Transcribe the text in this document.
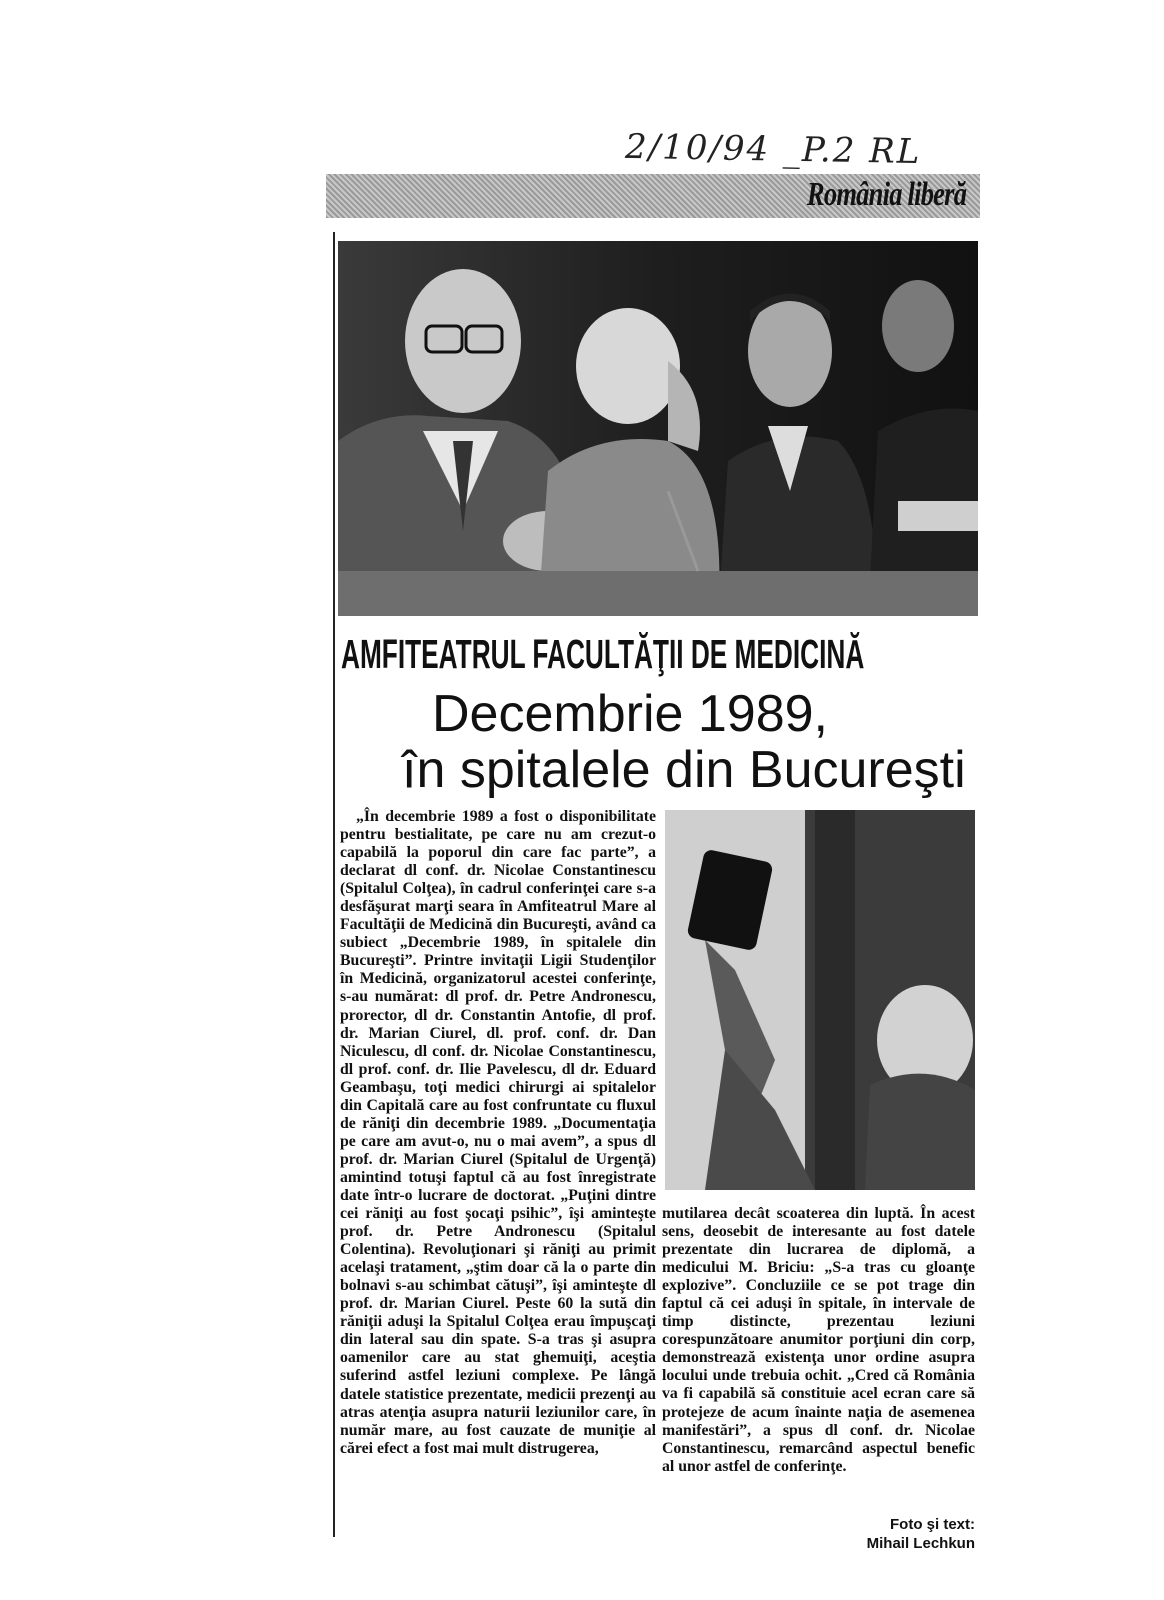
2/10/94 _P.2 RL
România liberă
AMFITEATRUL FACULTĂŢII DE MEDICINĂ
Decembrie 1989,
în spitalele din Bucureşti
„În decembrie 1989 a fost o disponibilitate pentru bestialitate, pe care nu am crezut-o capabilă la poporul din care fac parte”, a declarat dl conf. dr. Nicolae Constantinescu (Spitalul Colţea), în cadrul conferinţei care s-a desfăşurat marţi seara în Amfiteatrul Mare al Facultăţii de Medicină din Bucureşti, având ca subiect „Decembrie 1989, în spitalele din Bucureşti”. Printre invitaţii Ligii Studenţilor în Medicină, organizatorul acestei conferinţe, s-au numărat: dl prof. dr. Petre Andronescu, prorector, dl dr. Constantin Antofie, dl prof. dr. Marian Ciurel, dl. prof. conf. dr. Dan Niculescu, dl conf. dr. Nicolae Constantinescu, dl prof. conf. dr. Ilie Pavelescu, dl dr. Eduard Geambaşu, toţi medici chirurgi ai spitalelor din Capitală care au fost confruntate cu fluxul de răniţi din decembrie 1989. „Documentaţia pe care am avut-o, nu o mai avem”, a spus dl prof. dr. Marian Ciurel (Spitalul de Urgenţă) amintind totuşi faptul că au fost înregistrate date într-o lucrare de doctorat. „Puţini dintre cei răniţi au fost şocaţi psihic”, îşi aminteşte prof. dr. Petre Andronescu (Spitalul Colentina). Revoluţionari şi răniţi au primit acelaşi tratament, „ştim doar că la o parte din bolnavi s-au schimbat cătuşi”, îşi aminteşte dl prof. dr. Marian Ciurel. Peste 60 la sută din răniţii aduşi la Spitalul Colţea erau împuşcaţi din lateral sau din spate. S-a tras şi asupra oamenilor care au stat ghemuiţi, aceştia suferind astfel leziuni complexe. Pe lângă datele statistice prezentate, medicii prezenţi au atras atenţia asupra naturii leziunilor care, în număr mare, au fost cauzate de muniţie al cărei efect a fost mai mult distrugerea,
mutilarea decât scoaterea din luptă. În acest sens, deosebit de interesante au fost datele prezentate din lucrarea de diplomă, a medicului M. Briciu: „S-a tras cu gloanţe explozive”. Concluziile ce se pot trage din faptul că cei aduşi în spitale, în intervale de timp distincte, prezentau leziuni corespunzătoare anumitor porţiuni din corp, demonstrează existenţa unor ordine asupra locului unde trebuia ochit. „Cred că România va fi capabilă să constituie acel ecran care să protejeze de acum înainte naţia de asemenea manifestări”, a spus dl conf. dr. Nicolae Constantinescu, remarcând aspectul benefic al unor astfel de conferinţe.
Foto şi text:
Mihail Lechkun
